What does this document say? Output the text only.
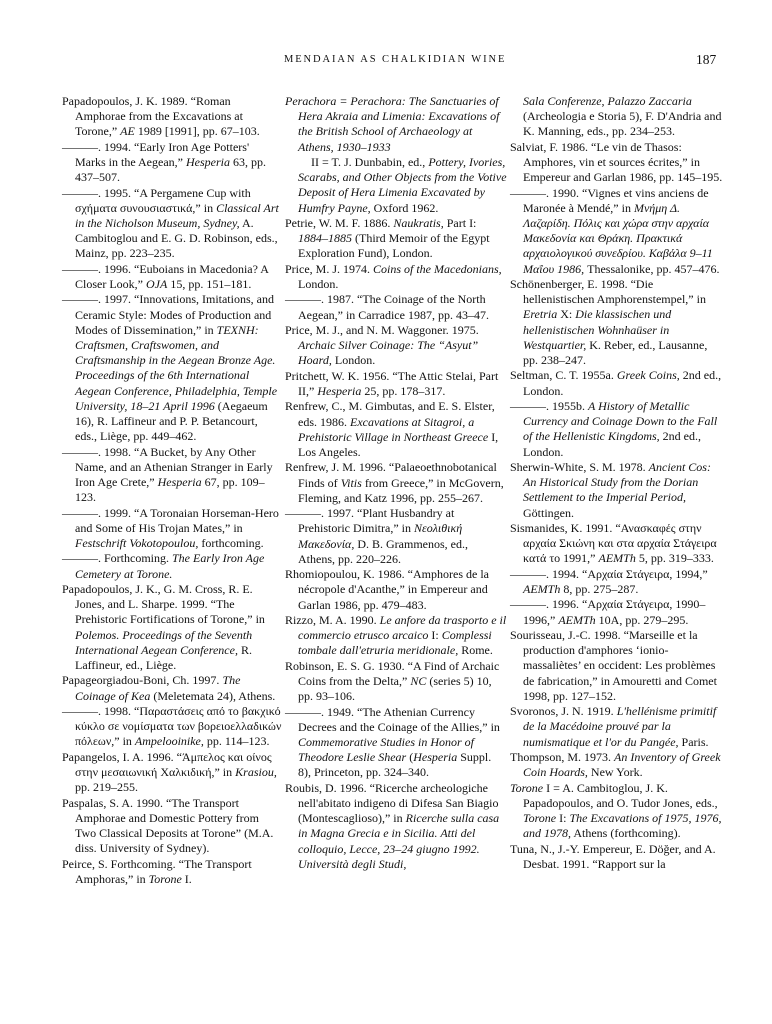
MENDAIAN AS CHALKIDIAN WINE	187
Papadopoulos, J. K. 1989. “Roman Amphorae from the Excavations at Torone,” AE 1989 [1991], pp. 67–103.
———. 1994. “Early Iron Age Potters' Marks in the Aegean,” Hesperia 63, pp. 437–507.
———. 1995. “A Pergamene Cup with σχήματα συνουσιαστικά,” in Classical Art in the Nicholson Museum, Sydney, A. Cambitoglou and E. G. D. Robinson, eds., Mainz, pp. 223–235.
———. 1996. “Euboians in Macedonia? A Closer Look,” OJA 15, pp. 151–181.
———. 1997. “Innovations, Imitations, and Ceramic Style: Modes of Production and Modes of Dissemination,” in TEXNH: Craftsmen, Craftswomen, and Craftsmanship in the Aegean Bronze Age. Proceedings of the 6th International Aegean Conference, Philadelphia, Temple University, 18–21 April 1996 (Aegaeum 16), R. Laffineur and P. P. Betancourt, eds., Liège, pp. 449–462.
———. 1998. “A Bucket, by Any Other Name, and an Athenian Stranger in Early Iron Age Crete,” Hesperia 67, pp. 109–123.
———. 1999. “A Toronaian Horseman-Hero and Some of His Trojan Mates,” in Festschrift Vokotopoulou, forthcoming.
———. Forthcoming. The Early Iron Age Cemetery at Torone.
Papadopoulos, J. K., G. M. Cross, R. E. Jones, and L. Sharpe. 1999. “The Prehistoric Fortifications of Torone,” in Polemos. Proceedings of the Seventh International Aegean Conference, R. Laffineur, ed., Liège.
Papageorgiadou-Boni, Ch. 1997. The Coinage of Kea (Meletemata 24), Athens.
———. 1998. “Παραστάσεις από το βακχικό κύκλο σε νομίσματα των βορειοελλαδικών πόλεων,” in Ampelooinike, pp. 114–123.
Papangelos, I. A. 1996. “Άμπελος και οίνος στην μεσαιωνική Χαλκιδική,” in Krasiou, pp. 219–255.
Paspalas, S. A. 1990. “The Transport Amphorae and Domestic Pottery from Two Classical Deposits at Torone” (M.A. diss. University of Sydney).
Peirce, S. Forthcoming. “The Transport Amphoras,” in Torone I.
Perachora = Perachora: The Sanctuaries of Hera Akraia and Limenia: Excavations of the British School of Archaeology at Athens, 1930–1933
II = T. J. Dunbabin, ed., Pottery, Ivories, Scarabs, and Other Objects from the Votive Deposit of Hera Limenia Excavated by Humfry Payne, Oxford 1962.
Petrie, W. M. F. 1886. Naukratis, Part I: 1884–1885 (Third Memoir of the Egypt Exploration Fund), London.
Price, M. J. 1974. Coins of the Macedonians, London.
———. 1987. “The Coinage of the North Aegean,” in Carradice 1987, pp. 43–47.
Price, M. J., and N. M. Waggoner. 1975. Archaic Silver Coinage: The “Asyut” Hoard, London.
Pritchett, W. K. 1956. “The Attic Stelai, Part II,” Hesperia 25, pp. 178–317.
Renfrew, C., M. Gimbutas, and E. S. Elster, eds. 1986. Excavations at Sitagroi, a Prehistoric Village in Northeast Greece I, Los Angeles.
Renfrew, J. M. 1996. “Palaeoethnobotanical Finds of Vitis from Greece,” in McGovern, Fleming, and Katz 1996, pp. 255–267.
———. 1997. “Plant Husbandry at Prehistoric Dimitra,” in Νεολιθική Μακεδονία, D. B. Grammenos, ed., Athens, pp. 220–226.
Rhomiopoulou, K. 1986. “Amphores de la nécropole d'Acanthe,” in Empereur and Garlan 1986, pp. 479–483.
Rizzo, M. A. 1990. Le anfore da trasporto e il commercio etrusco arcaico I: Complessi tombale dall'etruria meridionale, Rome.
Robinson, E. S. G. 1930. “A Find of Archaic Coins from the Delta,” NC (series 5) 10, pp. 93–106.
———. 1949. “The Athenian Currency Decrees and the Coinage of the Allies,” in Commemorative Studies in Honor of Theodore Leslie Shear (Hesperia Suppl. 8), Princeton, pp. 324–340.
Roubis, D. 1996. “Ricerche archeologiche nell'abitato indigeno di Difesa San Biagio (Montescaglioso),” in Ricerche sulla casa in Magna Grecia e in Sicilia. Atti del colloquio, Lecce, 23–24 giugno 1992. Università degli Studi,
Sala Conferenze, Palazzo Zaccaria (Archeologia e Storia 5), F. D'Andria and K. Manning, eds., pp. 234–253.
Salviat, F. 1986. “Le vin de Thasos: Amphores, vin et sources écrites,” in Empereur and Garlan 1986, pp. 145–195.
———. 1990. “Vignes et vins anciens de Maronée à Mendé,” in Μνήμη Δ. Λαζαρίδη. Πόλις και χώρα στην αρχαία Μακεδονία και Θράκη. Πρακτικά αρχαιολογικού συνεδρίου. Καβάλα 9–11 Μαΐου 1986, Thessalonike, pp. 457–476.
Schönenberger, E. 1998. “Die hellenistischen Amphorenstempel,” in Eretria X: Die klassischen und hellenistischen Wohnhaüser in Westquartier, K. Reber, ed., Lausanne, pp. 238–247.
Seltman, C. T. 1955a. Greek Coins, 2nd ed., London.
———. 1955b. A History of Metallic Currency and Coinage Down to the Fall of the Hellenistic Kingdoms, 2nd ed., London.
Sherwin-White, S. M. 1978. Ancient Cos: An Historical Study from the Dorian Settlement to the Imperial Period, Göttingen.
Sismanides, K. 1991. “Ανασκαφές στην αρχαία Σκιώνη και στα αρχαία Στάγειρα κατά το 1991,” AEMTh 5, pp. 319–333.
———. 1994. “Αρχαία Στάγειρα, 1994,” AEMTh 8, pp. 275–287.
———. 1996. “Αρχαία Στάγειρα, 1990–1996,” AEMTh 10A, pp. 279–295.
Sourisseau, J.-C. 1998. “Marseille et la production d'amphores ‘ionio-massaliètes’ en occident: Les problèmes de fabrication,” in Amouretti and Comet 1998, pp. 127–152.
Svoronos, J. N. 1919. L'hellénisme primitif de la Macédoine prouvé par la numismatique et l'or du Pangée, Paris.
Thompson, M. 1973. An Inventory of Greek Coin Hoards, New York.
Torone I = A. Cambitoglou, J. K. Papadopoulos, and O. Tudor Jones, eds., Torone I: The Excavations of 1975, 1976, and 1978, Athens (forthcoming).
Tuna, N., J.-Y. Empereur, E. Döğer, and A. Desbat. 1991. “Rapport sur la
